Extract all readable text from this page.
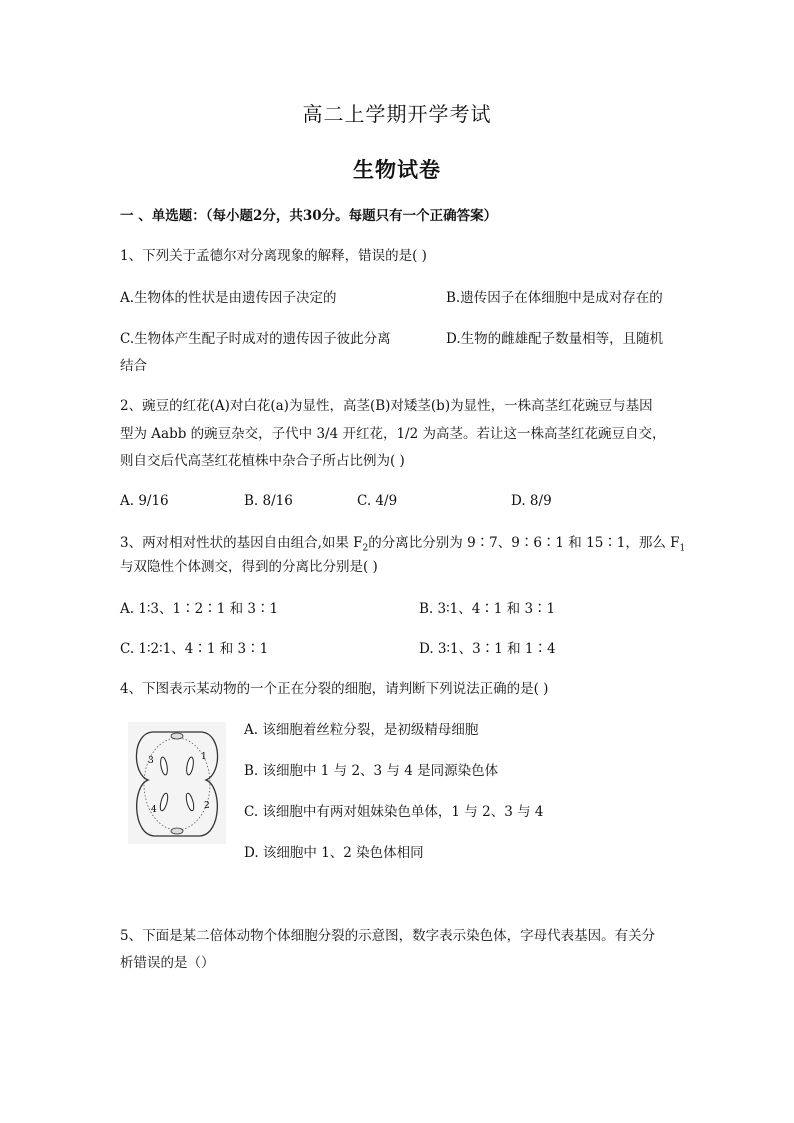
高二上学期开学考试
生物试卷
一 、单选题：（每小题2分，共30分。每题只有一个正确答案）
1、下列关于孟德尔对分离现象的解释，错误的是( )
A.生物体的性状是由遗传因子决定的	B.遗传因子在体细胞中是成对存在的
C.生物体产生配子时成对的遗传因子彼此分离	D.生物的雌雄配子数量相等，且随机
结合
2、豌豆的红花(A)对白花(a)为显性，高茎(B)对矮茎(b)为显性，一株高茎红花豌豆与基因
型为 Aabb 的豌豆杂交，子代中 3/4 开红花，1/2 为高茎。若让这一株高茎红花豌豆自交，
则自交后代高茎红花植株中杂合子所占比例为( )
A. 9/16	B. 8/16	C. 4/9	D. 8/9
3、两对相对性状的基因自由组合,如果 $F_2$的分离比分别为 9∶7、9∶6∶1 和 15∶1，那么 $F_1$
与双隐性个体测交，得到的分离比分别是( )
A. 1∶3、1∶2∶1 和 3∶1	B. 3∶1、4∶1 和 3∶1
C. 1∶2∶1、4∶1 和 3∶1	D. 3∶1、3∶1 和 1∶4
4、下图表示某动物的一个正在分裂的细胞，请判断下列说法正确的是( )
3	1
4	2
A. 该细胞着丝粒分裂，是初级精母细胞
B. 该细胞中 1 与 2、3 与 4 是同源染色体
C. 该细胞中有两对姐妹染色单体，1 与 2、3 与 4
D. 该细胞中 1、2 染色体相同
5、下面是某二倍体动物个体细胞分裂的示意图，数字表示染色体，字母代表基因。有关分
析错误的是（）
